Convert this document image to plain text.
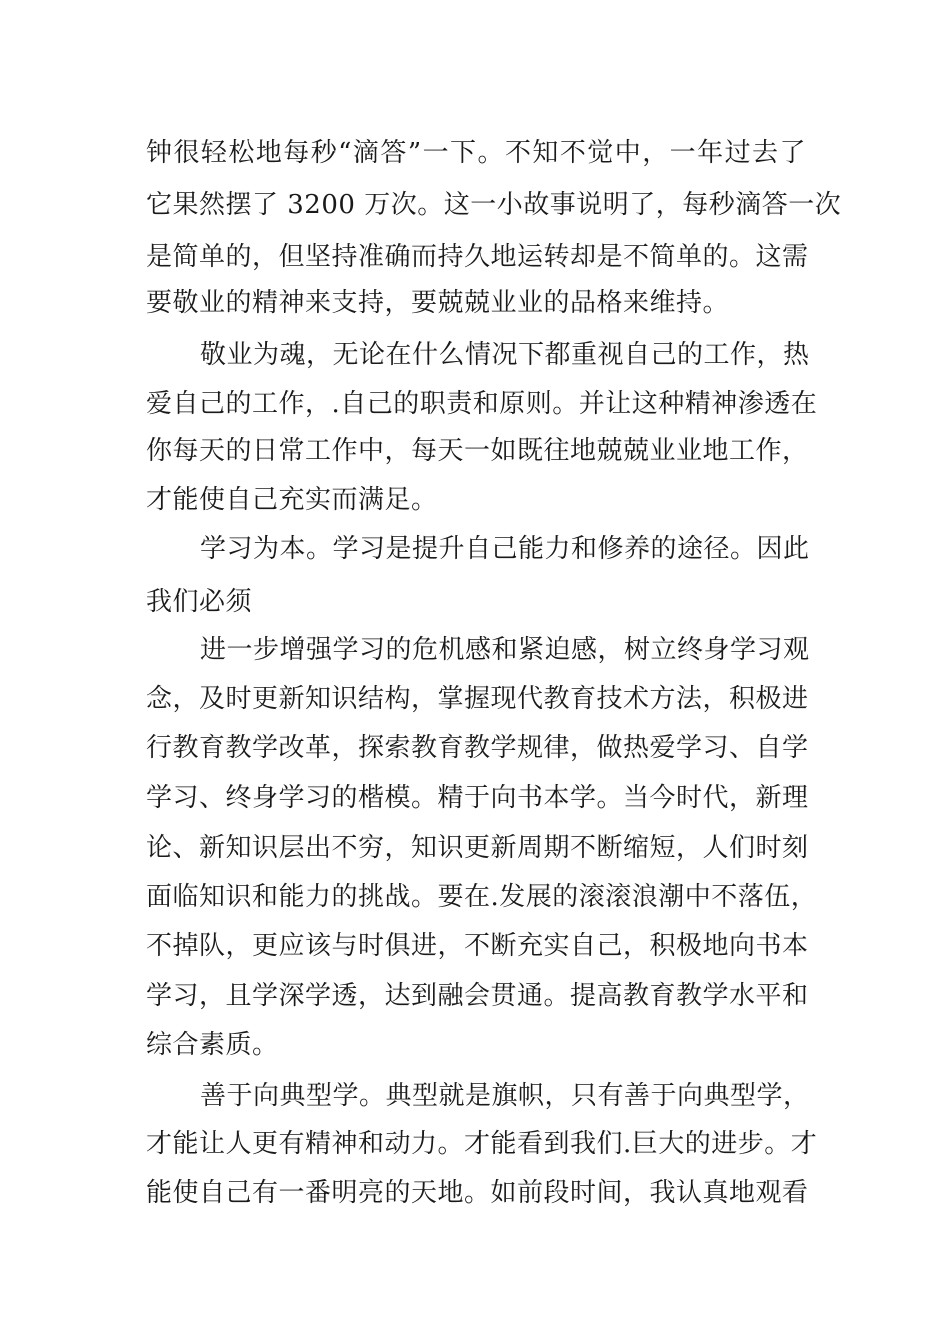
钟很轻松地每秒“滴答”一下。不知不觉中，一年过去了
它果然摆了 3200 万次。这一小故事说明了，每秒滴答一次
是简单的，但坚持准确而持久地运转却是不简单的。这需
要敬业的精神来支持，要兢兢业业的品格来维持。
敬业为魂，无论在什么情况下都重视自己的工作，热
爱自己的工作，.自己的职责和原则。并让这种精神渗透在
你每天的日常工作中，每天一如既往地兢兢业业地工作，
才能使自己充实而满足。
学习为本。学习是提升自己能力和修养的途径。因此
我们必须
进一步增强学习的危机感和紧迫感，树立终身学习观
念，及时更新知识结构，掌握现代教育技术方法，积极进
行教育教学改革，探索教育教学规律，做热爱学习、自学
学习、终身学习的楷模。精于向书本学。当今时代，新理
论、新知识层出不穷，知识更新周期不断缩短，人们时刻
面临知识和能力的挑战。要在.发展的滚滚浪潮中不落伍，
不掉队，更应该与时俱进，不断充实自己，积极地向书本
学习，且学深学透，达到融会贯通。提高教育教学水平和
综合素质。
善于向典型学。典型就是旗帜，只有善于向典型学，
才能让人更有精神和动力。才能看到我们.巨大的进步。才
能使自己有一番明亮的天地。如前段时间，我认真地观看
